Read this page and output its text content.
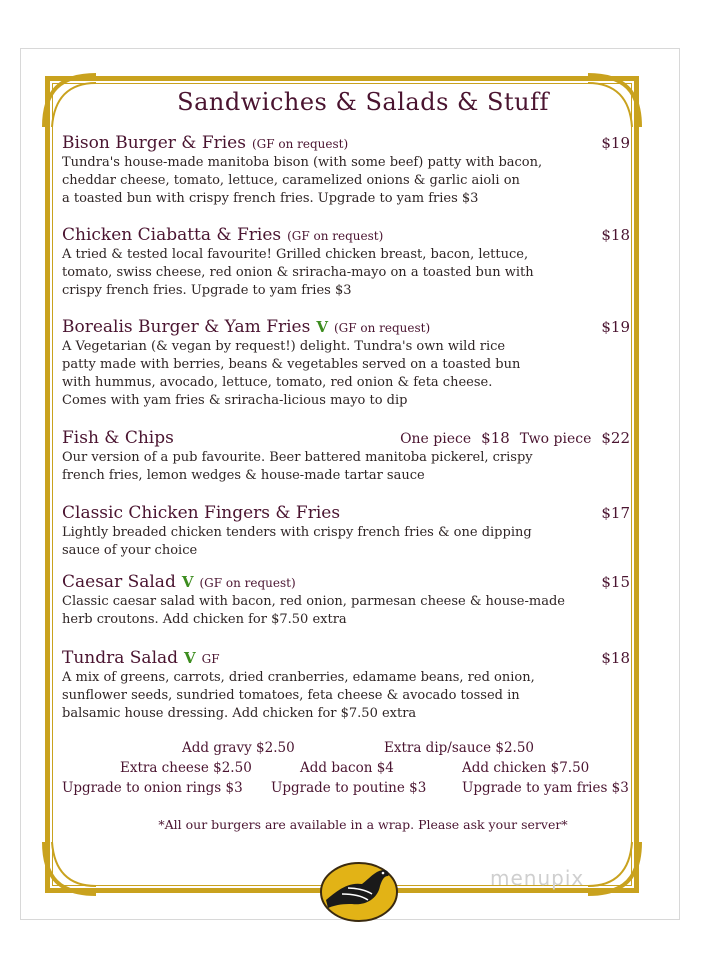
Sandwiches & Salads & Stuff
Bison Burger & Fries (GF on request)	$19
Tundra's house-made manitoba bison (with some beef) patty with bacon,
cheddar cheese, tomato, lettuce, caramelized onions & garlic aioli on
a toasted bun with crispy french fries. Upgrade to yam fries $3
Chicken Ciabatta & Fries (GF on request)	$18
A tried & tested local favourite! Grilled chicken breast, bacon, lettuce,
tomato, swiss cheese, red onion & sriracha-mayo on a toasted bun with
crispy french fries. Upgrade to yam fries $3
Borealis Burger & Yam Fries V (GF on request)	$19
A Vegetarian (& vegan by request!) delight. Tundra's own wild rice
patty made with berries, beans & vegetables served on a toasted bun
with hummus, avocado, lettuce, tomato, red onion & feta cheese.
Comes with yam fries & sriracha-licious mayo to dip
Fish & Chips	One piece $18 Two piece $22
Our version of a pub favourite. Beer battered manitoba pickerel, crispy
french fries, lemon wedges & house-made tartar sauce
Classic Chicken Fingers & Fries	$17
Lightly breaded chicken tenders with crispy french fries & one dipping
sauce of your choice
Caesar Salad V (GF on request)	$15
Classic caesar salad with bacon, red onion, parmesan cheese & house-made
herb croutons. Add chicken for $7.50 extra
Tundra Salad V GF	$18
A mix of greens, carrots, dried cranberries, edamame beans, red onion,
sunflower seeds, sundried tomatoes, feta cheese & avocado tossed in
balsamic house dressing. Add chicken for $7.50 extra
Add gravy $2.50	Extra dip/sauce $2.50
Extra cheese $2.50	Add bacon $4	Add chicken $7.50
Upgrade to onion rings $3 Upgrade to poutine $3	Upgrade to yam fries $3
*All our burgers are available in a wrap. Please ask your server*
menupix
